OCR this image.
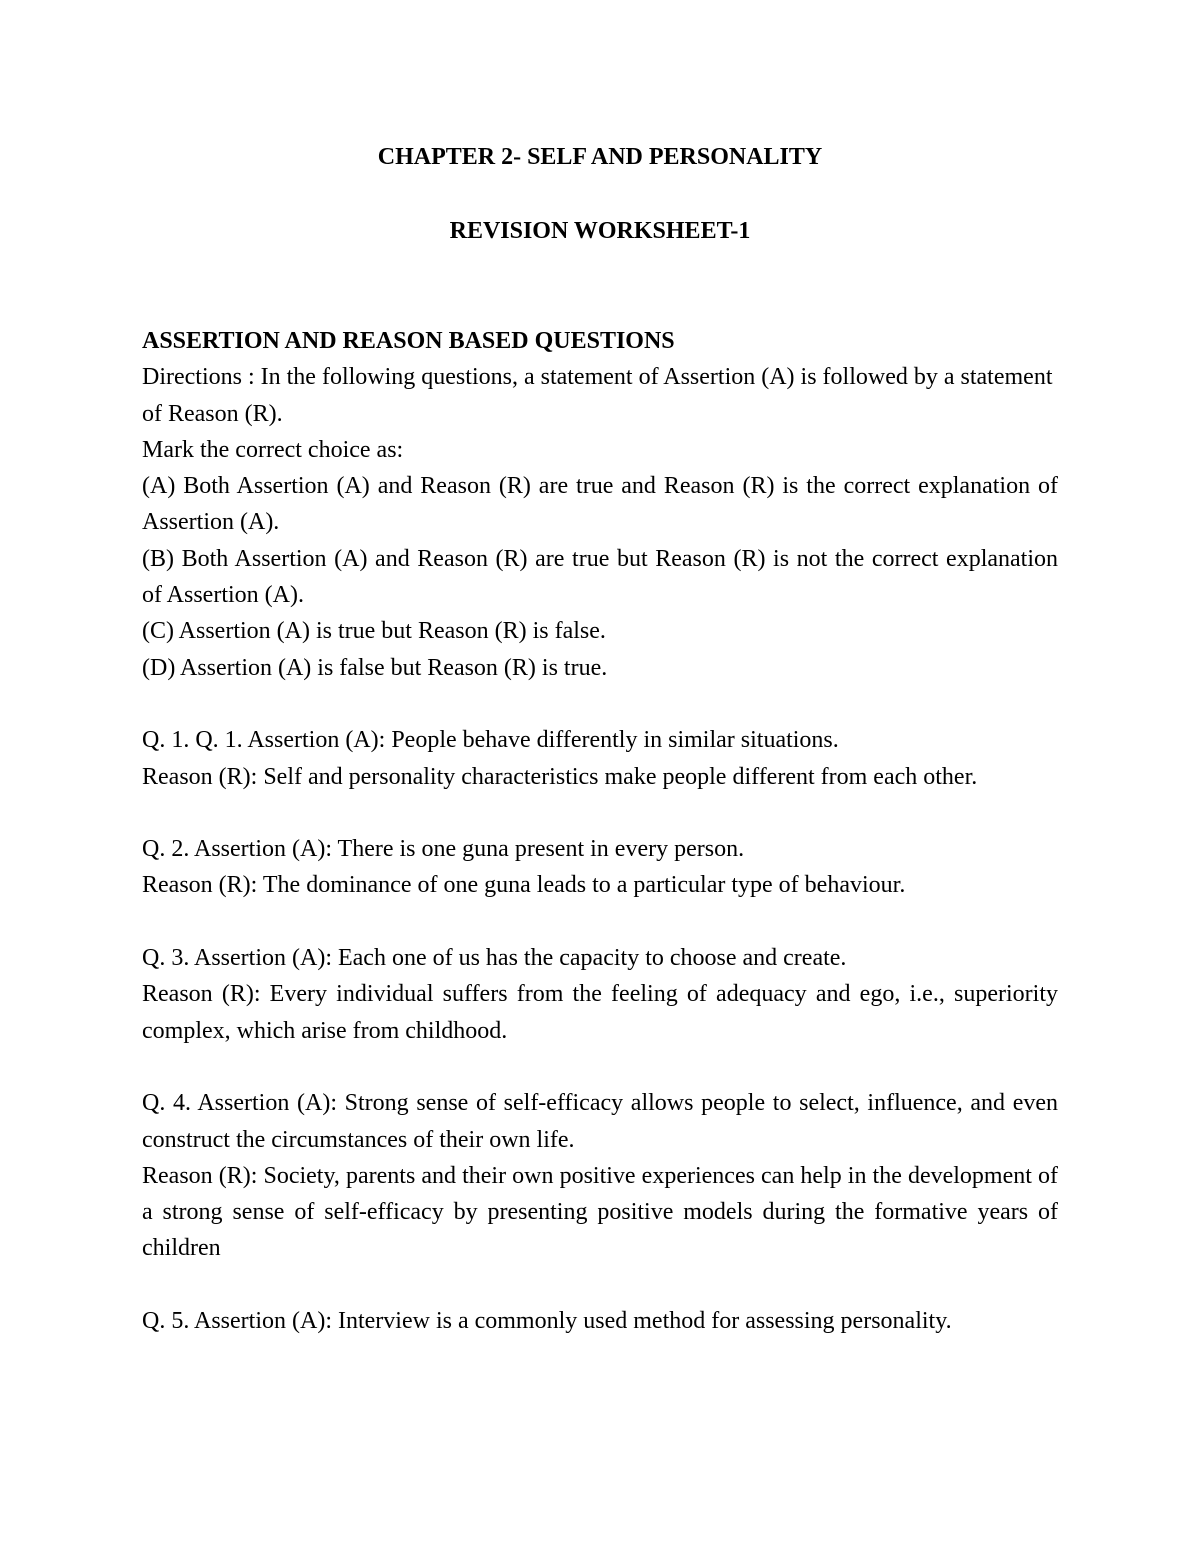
CHAPTER 2- SELF AND PERSONALITY

REVISION WORKSHEET-1

ASSERTION AND REASON BASED QUESTIONS

Directions : In the following questions, a statement of Assertion (A) is followed by a statement of Reason (R).

Mark the correct choice as:

(A) Both Assertion (A) and Reason (R) are true and Reason (R) is the correct explanation of Assertion (A).

(B) Both Assertion (A) and Reason (R) are true but Reason (R) is not the correct explanation of Assertion (A).

(C) Assertion (A) is true but Reason (R) is false.

(D) Assertion (A) is false but Reason (R) is true.

Q. 1. Q. 1. Assertion (A): People behave differently in similar situations.

Reason (R): Self and personality characteristics make people different from each other.

Q. 2. Assertion (A): There is one guna present in every person.

Reason (R): The dominance of one guna leads to a particular type of behaviour.

Q. 3. Assertion (A): Each one of us has the capacity to choose and create.

Reason (R): Every individual suffers from the feeling of adequacy and ego, i.e., superiority complex, which arise from childhood.

Q. 4. Assertion (A): Strong sense of self-efficacy allows people to select, influence, and even construct the circumstances of their own life.

Reason (R): Society, parents and their own positive experiences can help in the development of a strong sense of self-efficacy by presenting positive models during the formative years of children

Q. 5. Assertion (A): Interview is a commonly used method for assessing personality.
